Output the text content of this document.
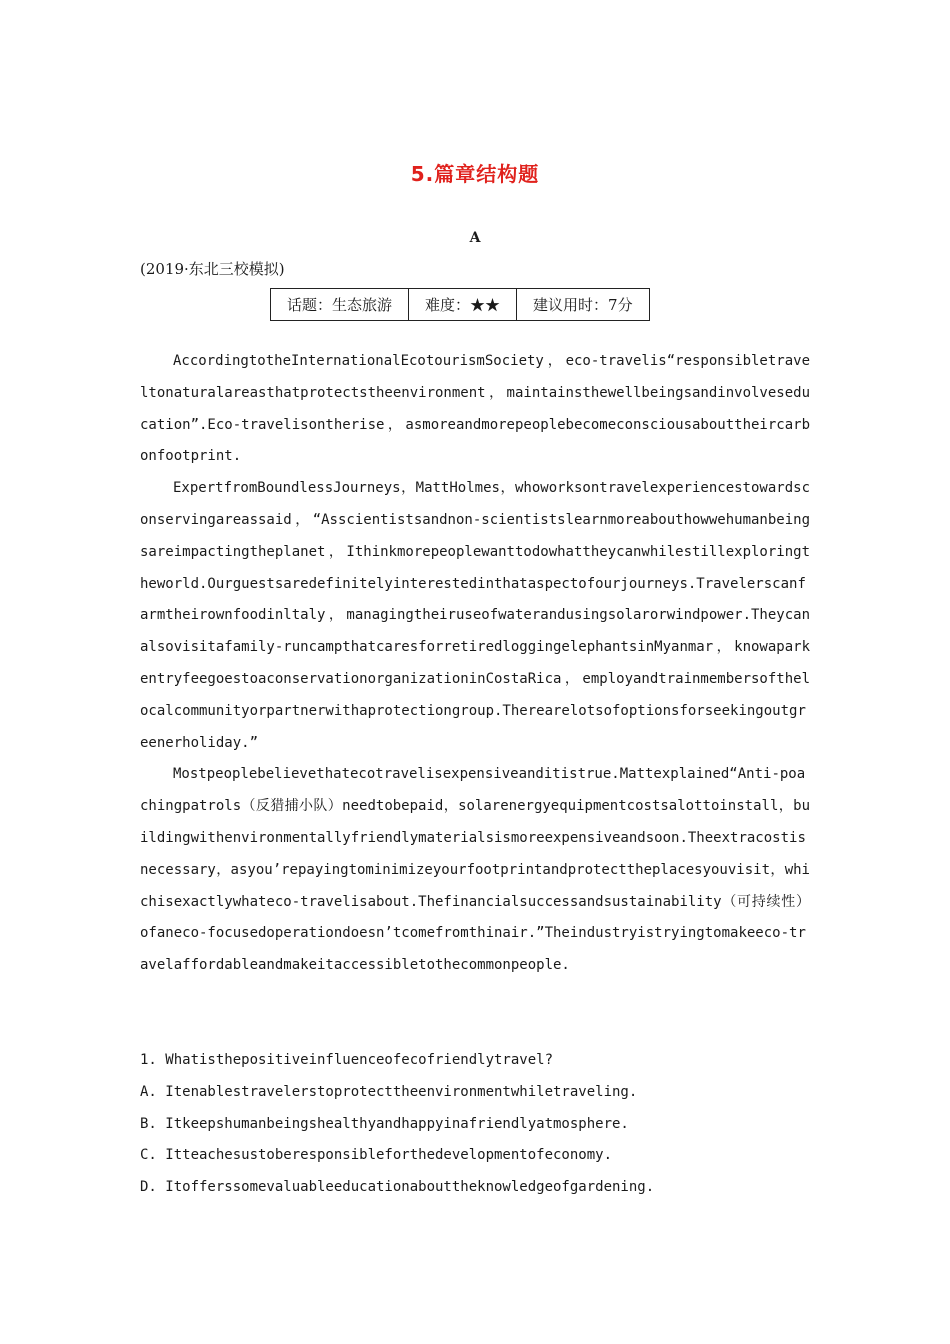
5.篇章结构题
A
(2019·东北三校模拟)
话题：生态旅游	难度：★★	建议用时：7分

AccordingtotheInternationalEcotourismSociety，eco-travelis“responsibletraveltonaturalareasthatprotectstheenvironment，maintainsthewellbeingsandinvolveseducation”.Eco-travelisontherise，asmoreandmorepeoplebecomeconsciousabouttheircarbonfootprint.

ExpertfromBoundlessJourneys，MattHolmes，whoworksontravelexperiencestowardsconservingareassaid，“Asscientistsandnon-scientistslearnmoreabouthowwehumanbeingsareimpactingtheplanet，Ithinkmorepeoplewanttodowhattheycanwhilestillexploringtheworld.Ourguestsaredefinitelyinterestedinthataspectofourjourneys.Travelerscanfarmtheirownfoodinltaly，managingtheiruseofwaterandusingsolarorwindpower.Theycanalsovisitafamily-runcampthatcaresforretiredloggingelephantsinMyanmar，knowaparkentryfeegoestoaconservationorganizationinCostaRica，employandtrainmembersofthelocalcommunityorpartnerwithaprotectiongroup.Therearelotsofoptionsforseekingoutgreenerholiday.”

Mostpeoplebelievethatecotravelisexpensiveanditistrue.Mattexplained“Anti-poachingpatrols（反猎捕小队）needtobepaid，solarenergyequipmentcostsalottoinstall，buildingwithenvironmentallyfriendlymaterialsismoreexpensiveandsoon.Theextracostisnecessary，asyou’repayingtominimizeyourfootprintandprotecttheplacesyouvisit，whichisexactlywhateco-travelisabout.Thefinancialsuccessandsustainability（可持续性）ofaneco-focusedoperationdoesn’tcomefromthinair.”Theindustryistryingtomakeeco-travelaffordableandmakeitaccessibletothecommonpeople.

1. Whatisthepositiveinfluenceofecofriendlytravel?
A. Itenablestravelerstoprotecttheenvironmentwhiletraveling.
B. Itkeepshumanbeingshealthyandhappyinafriendlyatmosphere.
C. Itteachesustoberesponsibleforthedevelopmentofeconomy.
D. Itofferssomevaluableeducationabouttheknowledgeofgardening.
